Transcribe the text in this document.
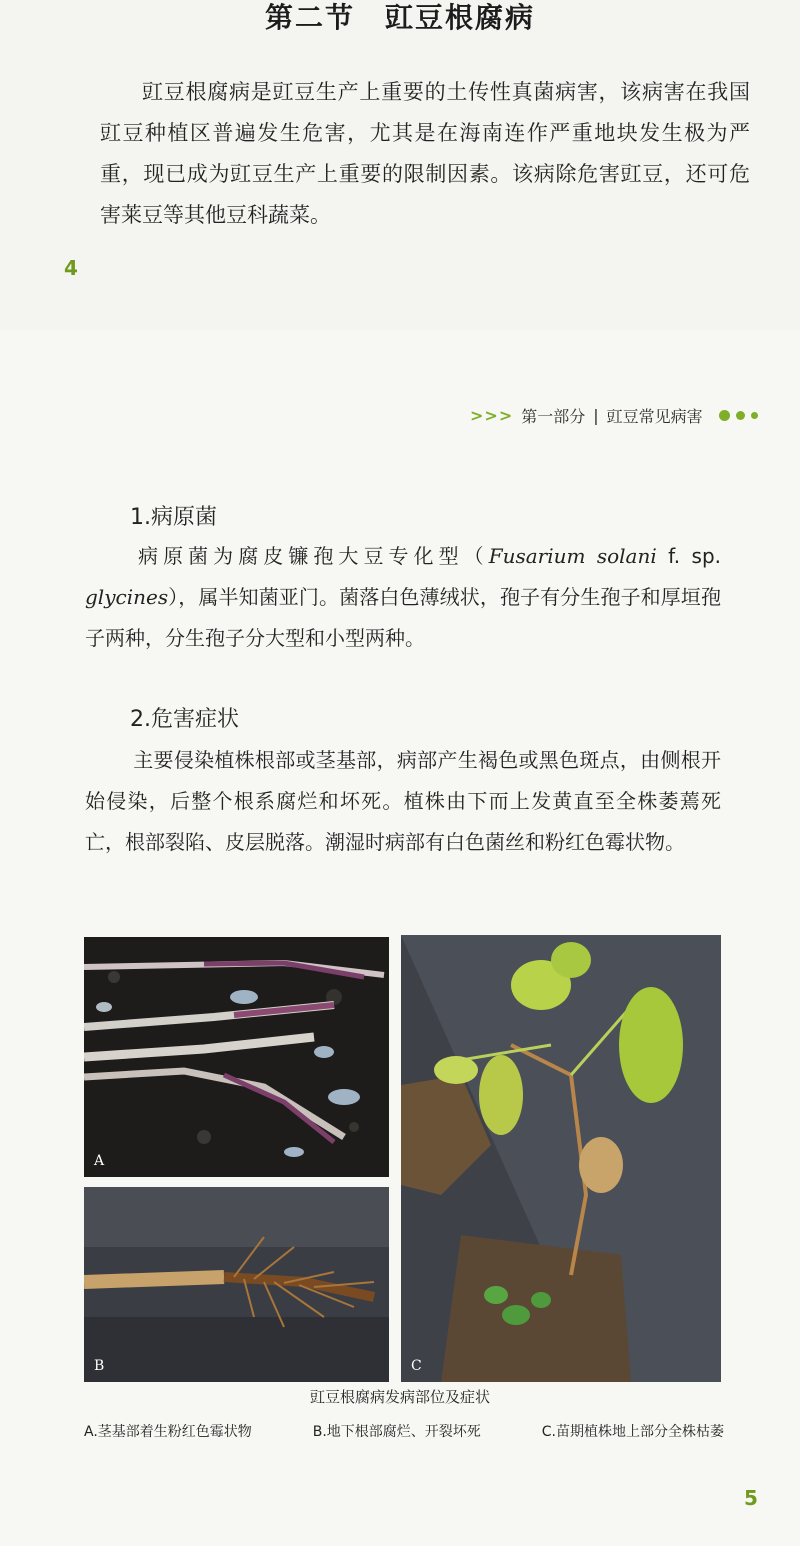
第二节　豇豆根腐病
豇豆根腐病是豇豆生产上重要的土传性真菌病害，该病害在我国豇豆种植区普遍发生危害，尤其是在海南连作严重地块发生极为严重，现已成为豇豆生产上重要的限制因素。该病除危害豇豆，还可危害莱豆等其他豆科蔬菜。
4
>>> 第一部分 | 豇豆常见病害
1.病原菌
病原菌为腐皮镰孢大豆专化型（Fusarium solani f. sp. glycines），属半知菌亚门。菌落白色薄绒状，孢子有分生孢子和厚垣孢子两种，分生孢子分大型和小型两种。
2.危害症状
主要侵染植株根部或茎基部，病部产生褐色或黑色斑点，由侧根开始侵染，后整个根系腐烂和坏死。植株由下而上发黄直至全株萎蔫死亡，根部裂陷、皮层脱落。潮湿时病部有白色菌丝和粉红色霉状物。
A
B	C
豇豆根腐病发病部位及症状
A.茎基部着生粉红色霉状物	B.地下根部腐烂、开裂坏死	C.苗期植株地上部分全株枯萎
5
